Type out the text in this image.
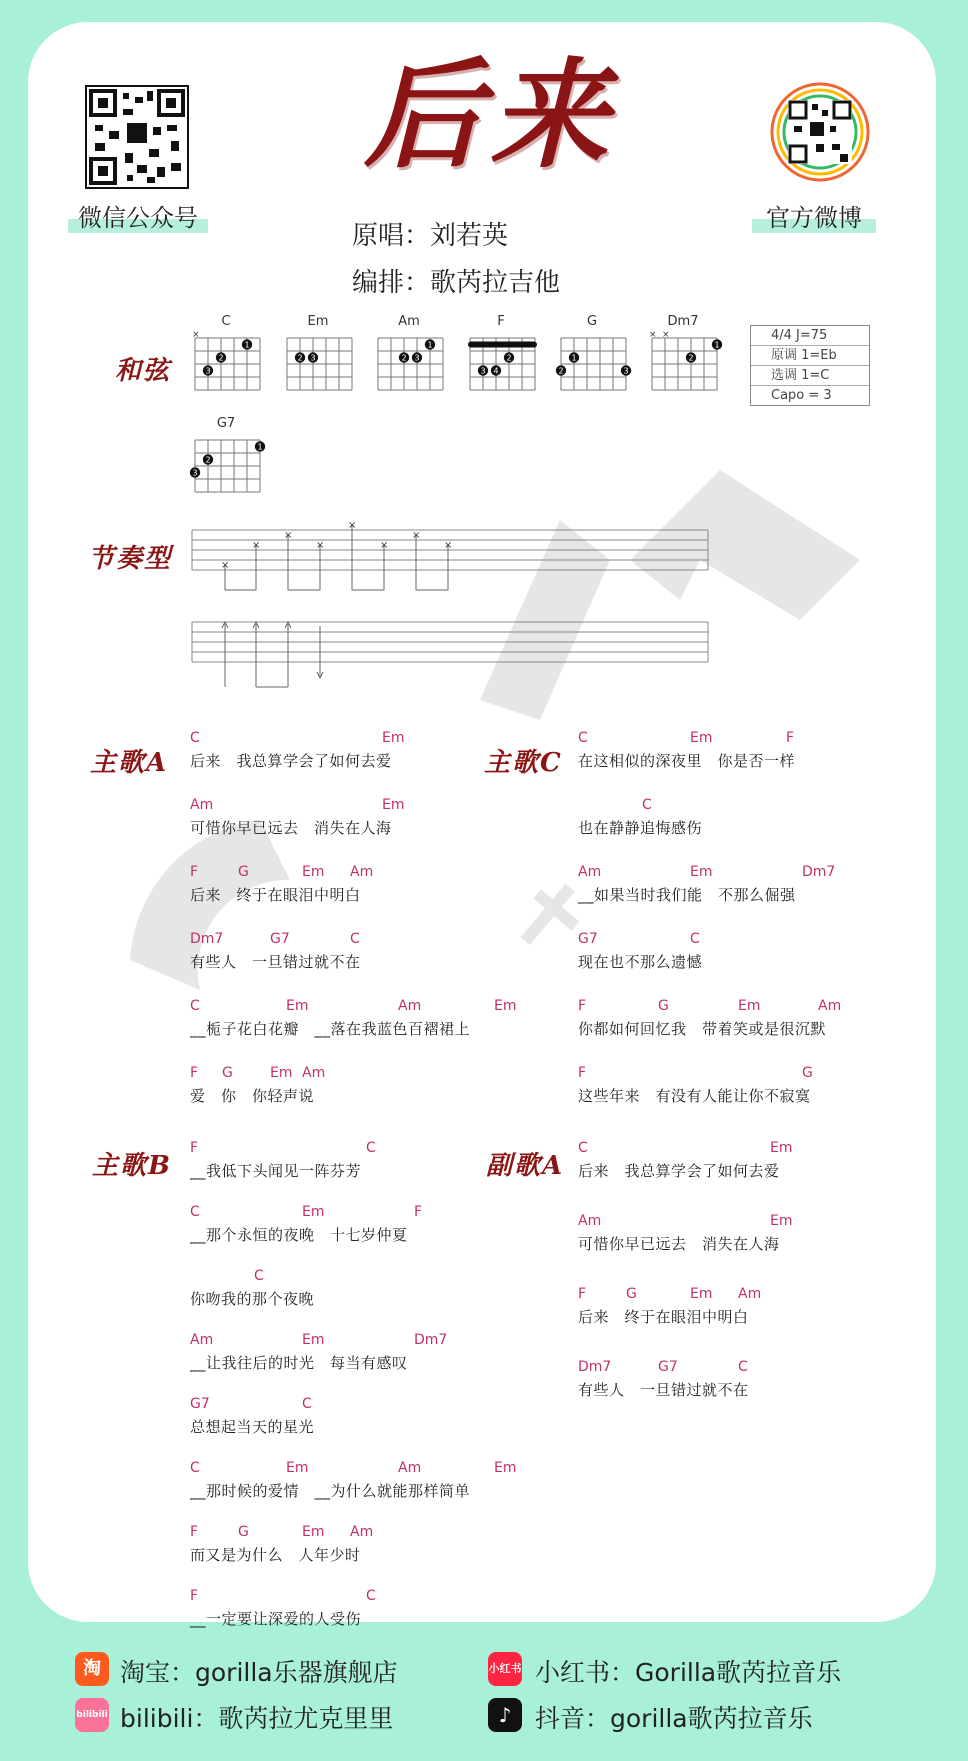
微信公众号	官方微博
后来
原唱：刘若英
编排：歌芮拉吉他
和弦
C
×
1
2
3
Em
2 3
Am
1
2 3
F
3 4
2
G
1
2	3
Dm7
× ×
1
2
G7
1
2
3
4/4 J=75
原调 1=Eb
选调 1=C
Capo = 3
节奏型	×
×
×
×
×
×
×
×
主歌A
主歌B
主歌C
副歌A
C	Em
后来　我总算学会了如何去爱
Am	Em
可惜你早已远去　消失在人海
F	G	Em Am
后来　终于在眼泪中明白
Dm7	G7	C
有些人　一旦错过就不在
C	Em	Am	Em
__栀子花白花瓣　__落在我蓝色百褶裙上
F G	Em Am
爱　你　你轻声说
C	Em	F
在这相似的深夜里　你是否一样
C
也在静静追悔感伤
Am	Em	Dm7
__如果当时我们能　不那么倔强
G7	C
现在也不那么遗憾
F	G	Em	Am
你都如何回忆我　带着笑或是很沉默
F	G
这些年来　有没有人能让你不寂寞
F	C
__我低下头闻见一阵芬芳
C	Em	F
__那个永恒的夜晚　十七岁仲夏
C
你吻我的那个夜晚
Am	Em	Dm7
__让我往后的时光　每当有感叹
G7	C
总想起当天的星光
C	Em	Am	Em
__那时候的爱情　__为什么就能那样简单
F	G	Em Am
而又是为什么　人年少时
F	C
__一定要让深爱的人受伤
C	Em
后来　我总算学会了如何去爱
Am	Em
可惜你早已远去　消失在人海
F	G	Em Am
后来　终于在眼泪中明白
Dm7	G7	C
有些人　一旦错过就不在
淘 淘宝：gorilla乐器旗舰店	小红书 小红书：Gorilla歌芮拉音乐
bilibili bilibili：歌芮拉尤克里里	♪ 抖音：gorilla歌芮拉音乐
